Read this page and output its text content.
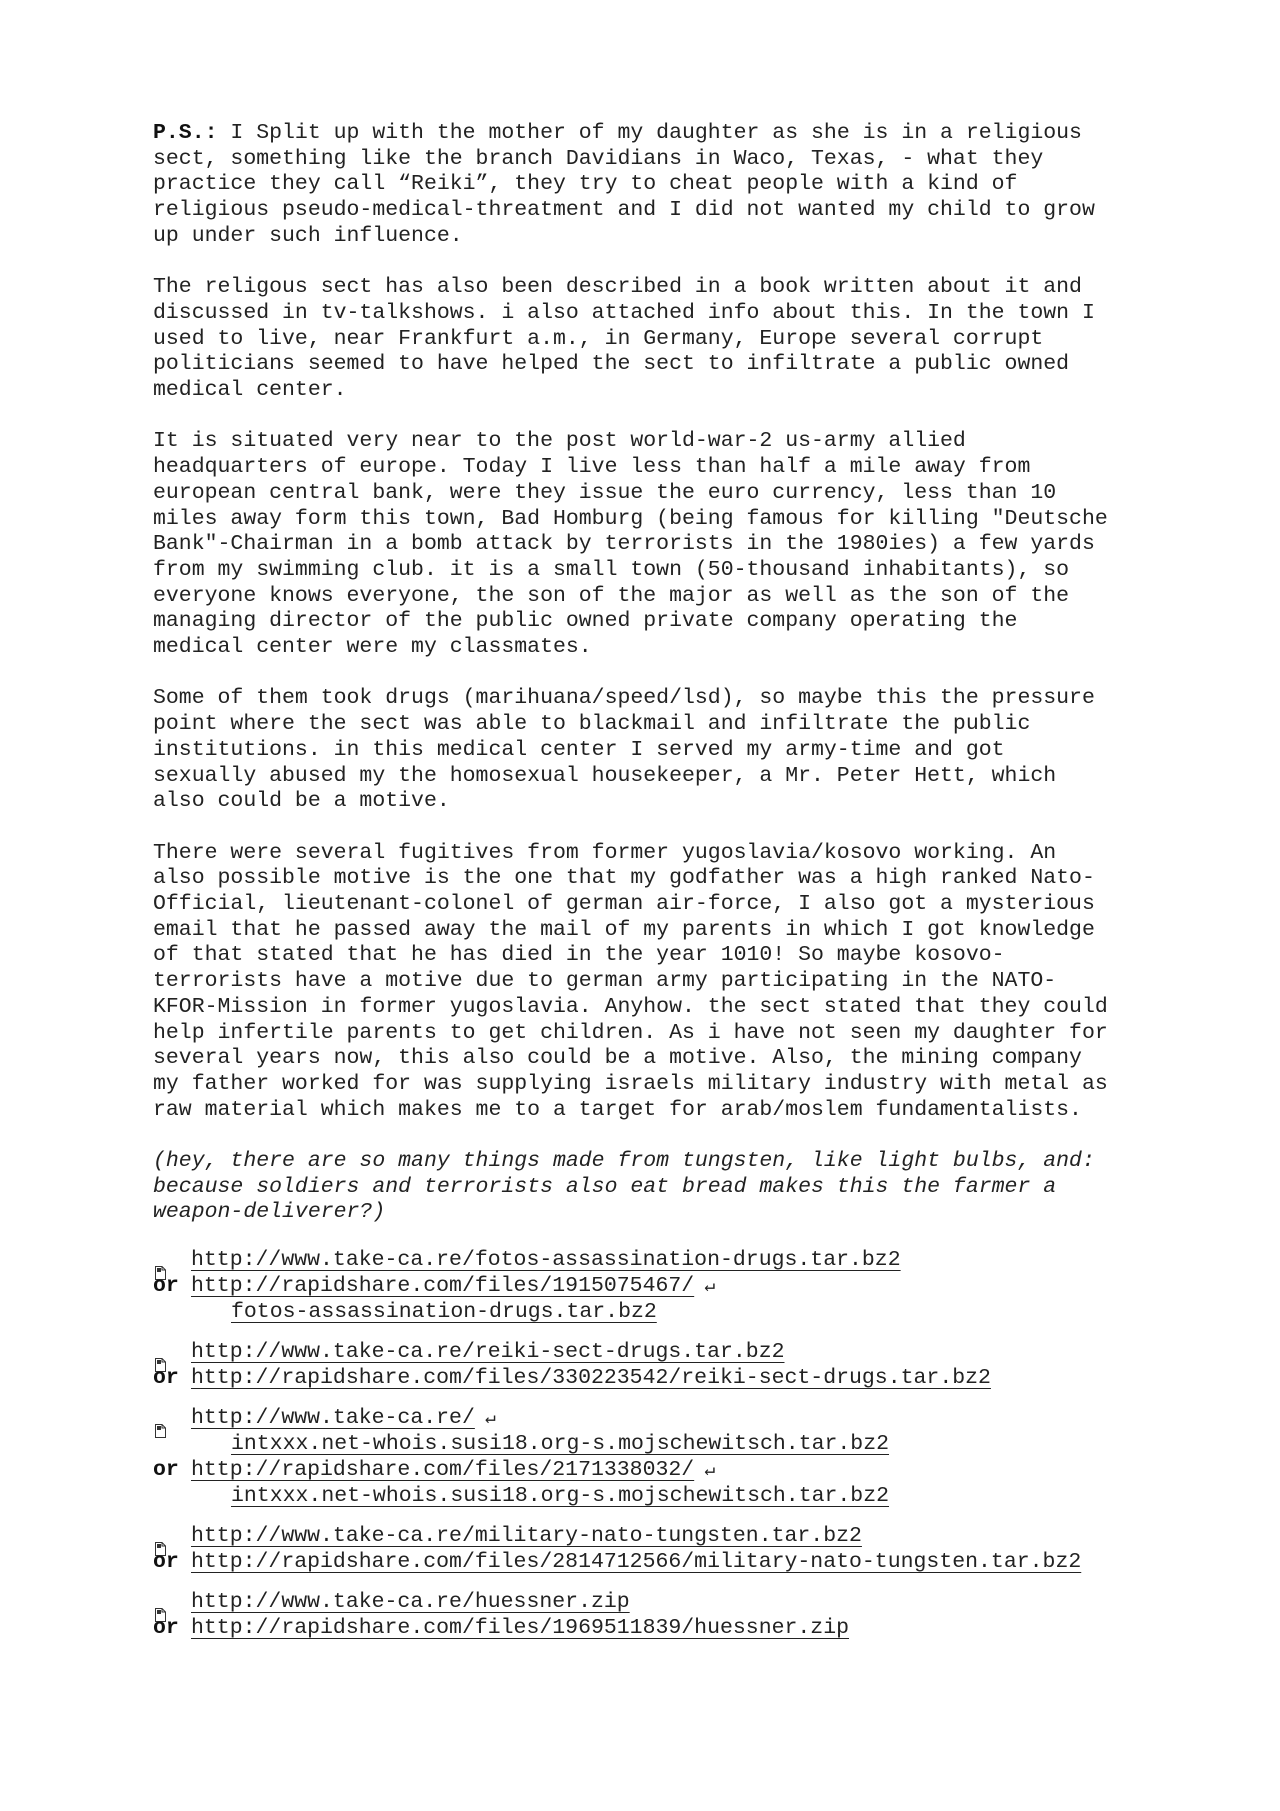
P.S.: I Split up with the mother of my daughter as she is in a religious
sect, something like the branch Davidians in Waco, Texas, - what they
practice they call “Reiki”, they try to cheat people with a kind of
religious pseudo-medical-threatment and I did not wanted my child to grow
up under such influence.
The religous sect has also been described in a book written about it and
discussed in tv-talkshows. i also attached info about this. In the town I
used to live, near Frankfurt a.m., in Germany, Europe several corrupt
politicians seemed to have helped the sect to infiltrate a public owned
medical center.
It is situated very near to the post world-war-2 us-army allied
headquarters of europe. Today I live less than half a mile away from
european central bank, were they issue the euro currency, less than 10
miles away form this town, Bad Homburg (being famous for killing "Deutsche
Bank"-Chairman in a bomb attack by terrorists in the 1980ies) a few yards
from my swimming club. it is a small town (50-thousand inhabitants), so
everyone knows everyone, the son of the major as well as the son of the
managing director of the public owned private company operating the
medical center were my classmates.
Some of them took drugs (marihuana/speed/lsd), so maybe this the pressure
point where the sect was able to blackmail and infiltrate the public
institutions. in this medical center I served my army-time and got
sexually abused my the homosexual housekeeper, a Mr. Peter Hett, which
also could be a motive.
There were several fugitives from former yugoslavia/kosovo working. An
also possible motive is the one that my godfather was a high ranked Nato-
Official, lieutenant-colonel of german air-force, I also got a mysterious
email that he passed away the mail of my parents in which I got knowledge
of that stated that he has died in the year 1010! So maybe kosovo-
terrorists have a motive due to german army participating in the NATO-
KFOR-Mission in former yugoslavia. Anyhow. the sect stated that they could
help infertile parents to get children. As i have not seen my daughter for
several years now, this also could be a motive. Also, the mining company
my father worked for was supplying israels military industry with metal as
raw material which makes me to a target for arab/moslem fundamentalists.
(hey, there are so many things made from tungsten, like light bulbs, and:
because soldiers and terrorists also eat bread makes this the farmer a
weapon-deliverer?)
http://www.take-ca.re/fotos-assassination-drugs.tar.bz2
or http://rapidshare.com/files/1915075467/ ↵
fotos-assassination-drugs.tar.bz2
http://www.take-ca.re/reiki-sect-drugs.tar.bz2
or http://rapidshare.com/files/330223542/reiki-sect-drugs.tar.bz2
http://www.take-ca.re/ ↵
intxxx.net-whois.susi18.org-s.mojschewitsch.tar.bz2
or http://rapidshare.com/files/2171338032/ ↵
intxxx.net-whois.susi18.org-s.mojschewitsch.tar.bz2
http://www.take-ca.re/military-nato-tungsten.tar.bz2
or http://rapidshare.com/files/2814712566/military-nato-tungsten.tar.bz2
http://www.take-ca.re/huessner.zip
or http://rapidshare.com/files/1969511839/huessner.zip
